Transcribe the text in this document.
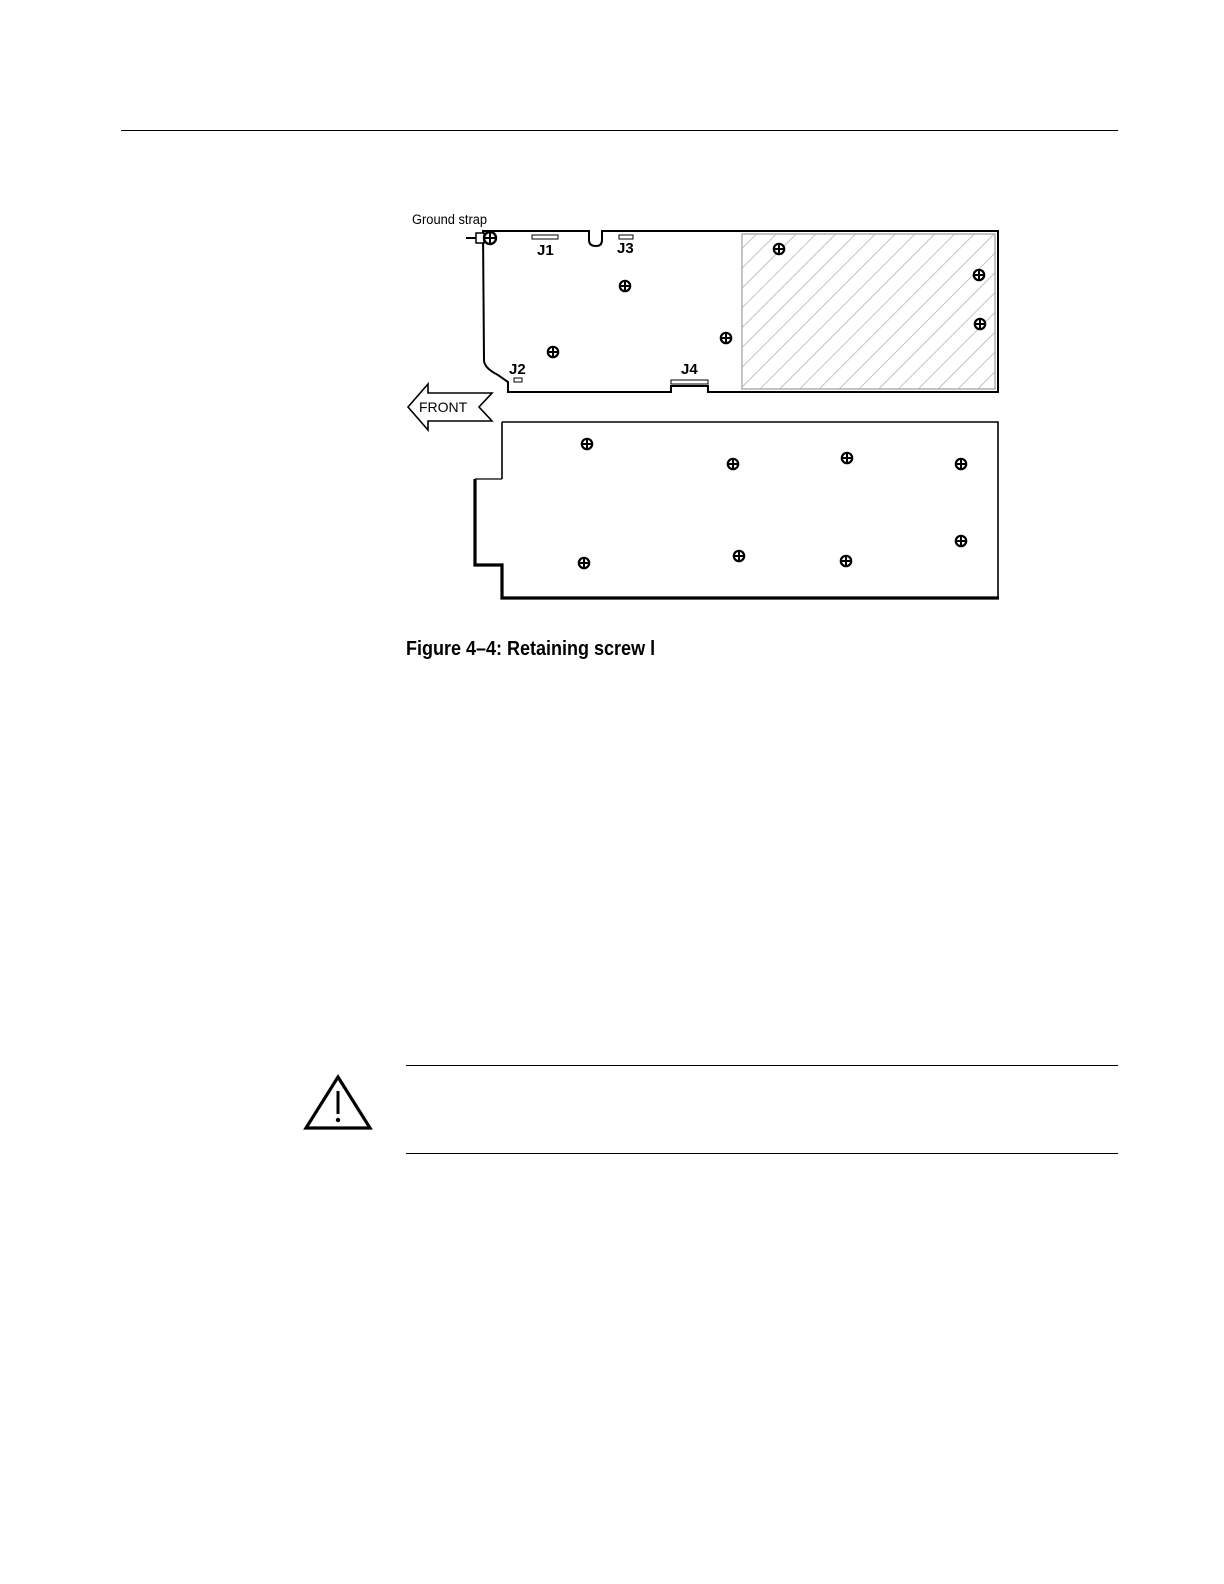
Ground strap
J1	J3
J2	J4
FRONT
Figure 4–4: Retaining screw l
